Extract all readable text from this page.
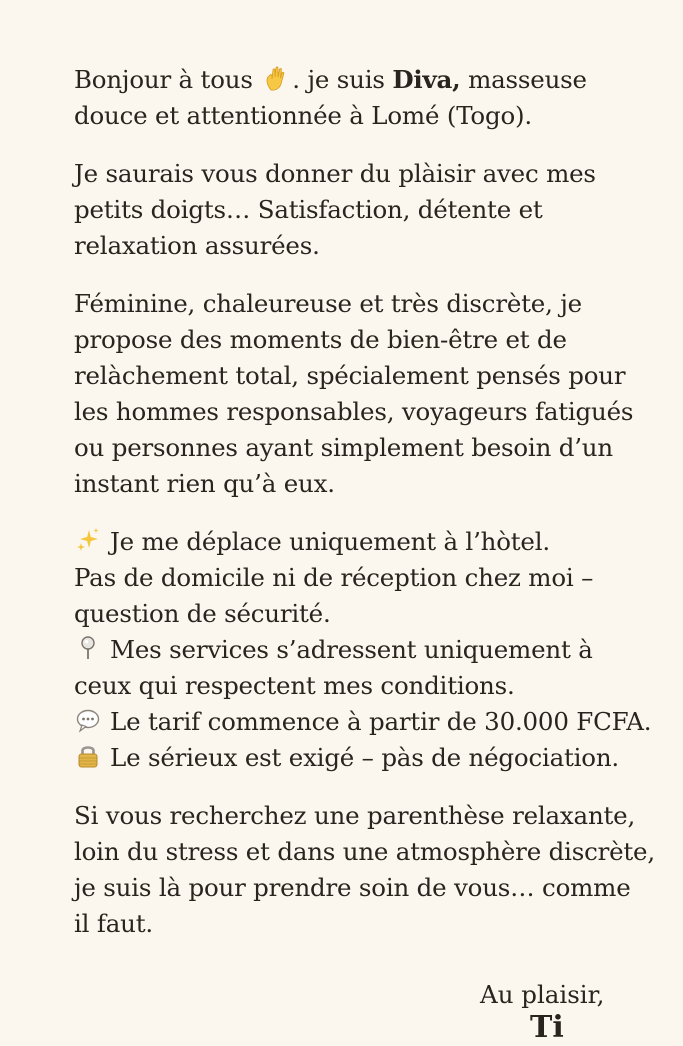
Bonjour à tous . je suis Diva, masseuse
douce et attentionnée à Lomé (Togo).

Je saurais vous donner du plàisir avec mes
petits doigts… Satisfaction, détente et
relaxation assurées.

Féminine, chaleureuse et très discrète, je
propose des moments de bien-être et de
relàchement total, spécialement pensés pour
les hommes responsables, voyageurs fatigués
ou personnes ayant simplement besoin d’un
instant rien qu’à eux.

Je me déplace uniquement à l’hòtel.
Pas de domicile ni de réception chez moi –
question de sécurité.
Mes services s’adressent uniquement à
ceux qui respectent mes conditions.
Le tarif commence à partir de 30.000 FCFA.
Le sérieux est exigé – pàs de négociation.

Si vous recherchez une parenthèse relaxante,
loin du stress et dans une atmosphère discrète,
je suis là pour prendre soin de vous… comme
il faut.

Au plaisir,
Ti
